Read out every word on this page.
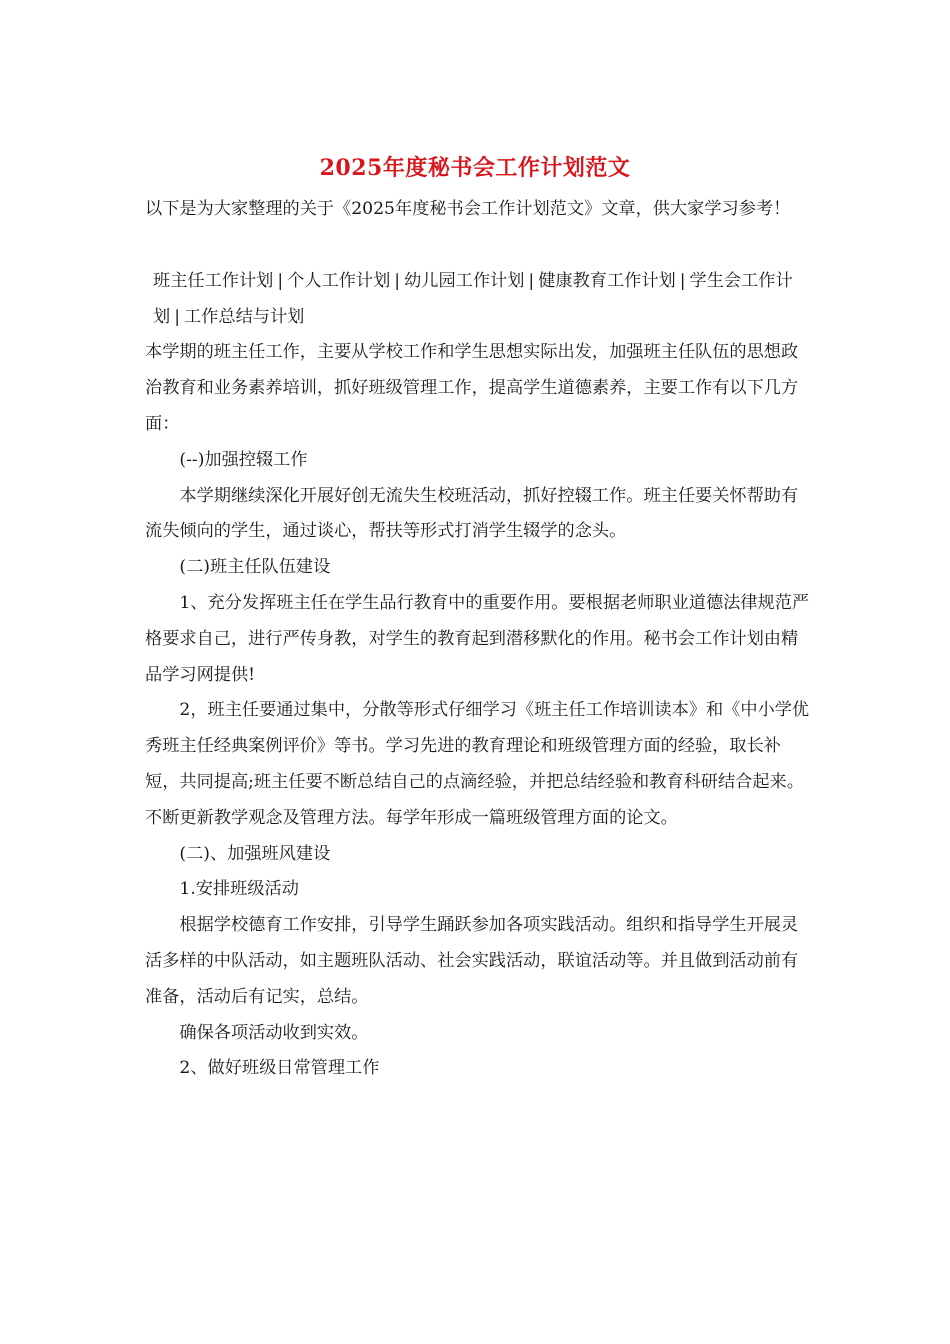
2025年度秘书会工作计划范文

以下是为大家整理的关于《2025年度秘书会工作计划范文》文章，供大家学习参考！

班主任工作计划 | 个人工作计划 | 幼儿园工作计划 | 健康教育工作计划 | 学生会工作计划 | 工作总结与计划

本学期的班主任工作，主要从学校工作和学生思想实际出发，加强班主任队伍的思想政治教育和业务素养培训，抓好班级管理工作，提高学生道德素养，主要工作有以下几方面：

(--)加强控辍工作

本学期继续深化开展好创无流失生校班活动，抓好控辍工作。班主任要关怀帮助有流失倾向的学生，通过谈心，帮扶等形式打消学生辍学的念头。

(二)班主任队伍建设

1、充分发挥班主任在学生品行教育中的重要作用。要根据老师职业道德法律规范严格要求自己，进行严传身教，对学生的教育起到潜移默化的作用。秘书会工作计划由精品学习网提供!

2，班主任要通过集中，分散等形式仔细学习《班主任工作培训读本》和《中小学优秀班主任经典案例评价》等书。学习先进的教育理论和班级管理方面的经验，取长补短，共同提高;班主任要不断总结自己的点滴经验，并把总结经验和教育科研结合起来。不断更新教学观念及管理方法。每学年形成一篇班级管理方面的论文。

(二)、加强班风建设

1.安排班级活动

根据学校德育工作安排，引导学生踊跃参加各项实践活动。组织和指导学生开展灵活多样的中队活动，如主题班队活动、社会实践活动，联谊活动等。并且做到活动前有准备，活动后有记实，总结。

确保各项活动收到实效。

2、做好班级日常管理工作
